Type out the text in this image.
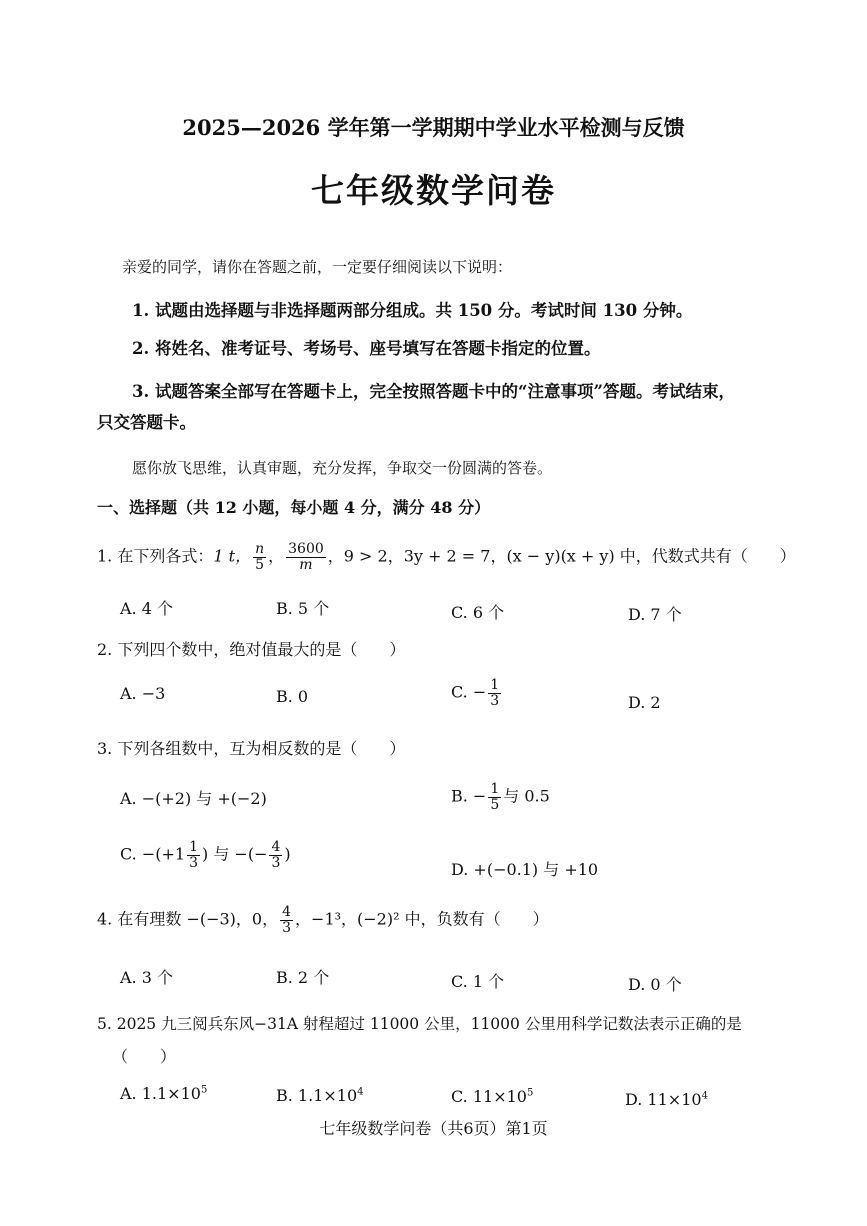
2025—2026 学年第一学期期中学业水平检测与反馈
七年级数学问卷
亲爱的同学，请你在答题之前，一定要仔细阅读以下说明：
1. 试题由选择题与非选择题两部分组成。共 150 分。考试时间 130 分钟。
2. 将姓名、准考证号、考场号、座号填写在答题卡指定的位置。
3. 试题答案全部写在答题卡上，完全按照答题卡中的“注意事项”答题。考试结束，
只交答题卡。
愿你放飞思维，认真审题，充分发挥，争取交一份圆满的答卷。
一、选择题（共 12 小题，每小题 4 分，满分 48 分）
1. 在下列各式：1 t， $\frac{n}{5}$ ， $\frac{3600}{m}$ ，9 > 2，3y + 2 = 7，(x − y)(x + y) 中，代数式共有（　　）
A. 4 个	B. 5 个	C. 6 个	D. 7 个
2. 下列四个数中，绝对值最大的是（　　）
A. −3	B. 0	C. − $\frac{1}{3}$	D. 2
3. 下列各组数中，互为相反数的是（　　）
A. −(+2) 与 +(−2)	B. − $\frac{1}{5}$ 与 0.5
C. $-(+1 \frac{1}{3}$ ) 与 −(− $\frac{4}{3}$ )
D. +(−0.1) 与 +10
4. 在有理数 −(−3)，0， $\frac{4}{3}$ ，−1³，(−2)² 中，负数有（　　）
A. 3 个	B. 2 个	C. 1 个	D. 0 个
5. 2025 九三阅兵东风−31A 射程超过 11000 公里，11000 公里用科学记数法表示正确的是
（　　）
A. $1.1\times 10^5$	B. $1.1\times 10^4$	C. $11\times 10^5$	D. $11\times 10^4$
七年级数学问卷（共6页）第1页
